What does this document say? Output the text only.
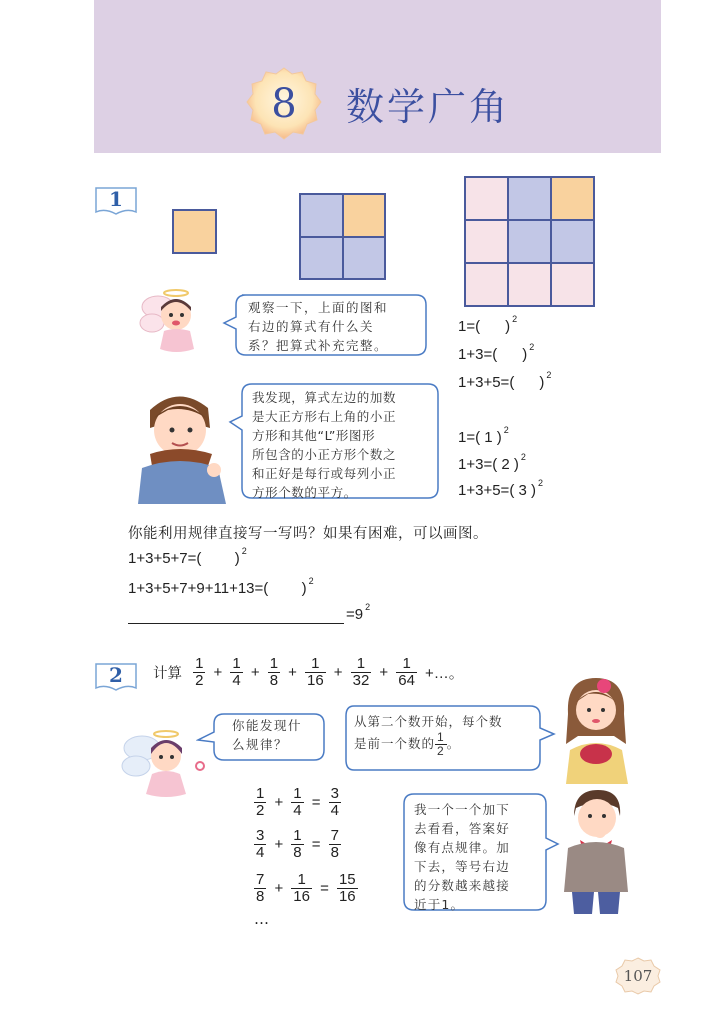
8	数学广角
1
观察一下，上面的图和
右边的算式有什么关
系？把算式补充完整。
1=(      ) $^2$
1+3=(      ) $^2$
1+3+5=(      ) $^2$
我发现，算式左边的加数
是大正方形右上角的小正
方形和其他“L”形图形
所包含的小正方形个数之
和正好是每行或每列小正
方形个数的平方。
1=( 1 ) $^2$
1+3=( 2 ) $^2$
1+3+5=( 3 ) $^2$
你能利用规律直接写一写吗？如果有困难，可以画图。
1+3+5+7=(        ) $^2$
1+3+5+7+9+11+13=(        ) $^2$
=9 $^2$
2	计算 $\frac{1}{2} + \frac{1}{4} + \frac{1}{8} + \frac{1}{16} + \frac{1}{32} + \frac{1}{64}$ +…。
你能发现什
么规律？
从第二个数开始，每个数
是前一个数的 $\frac{1}{2}$ 。
$\frac{1}{2} + \frac{1}{4} = \frac{3}{4}$
$\frac{3}{4} + \frac{1}{8} = \frac{7}{8}$
$\frac{7}{8} + \frac{1}{16} = \frac{15}{16}$
…
我一个一个加下
去看看，答案好
像有点规律。加
下去，等号右边
的分数越来越接
近于1。
107
